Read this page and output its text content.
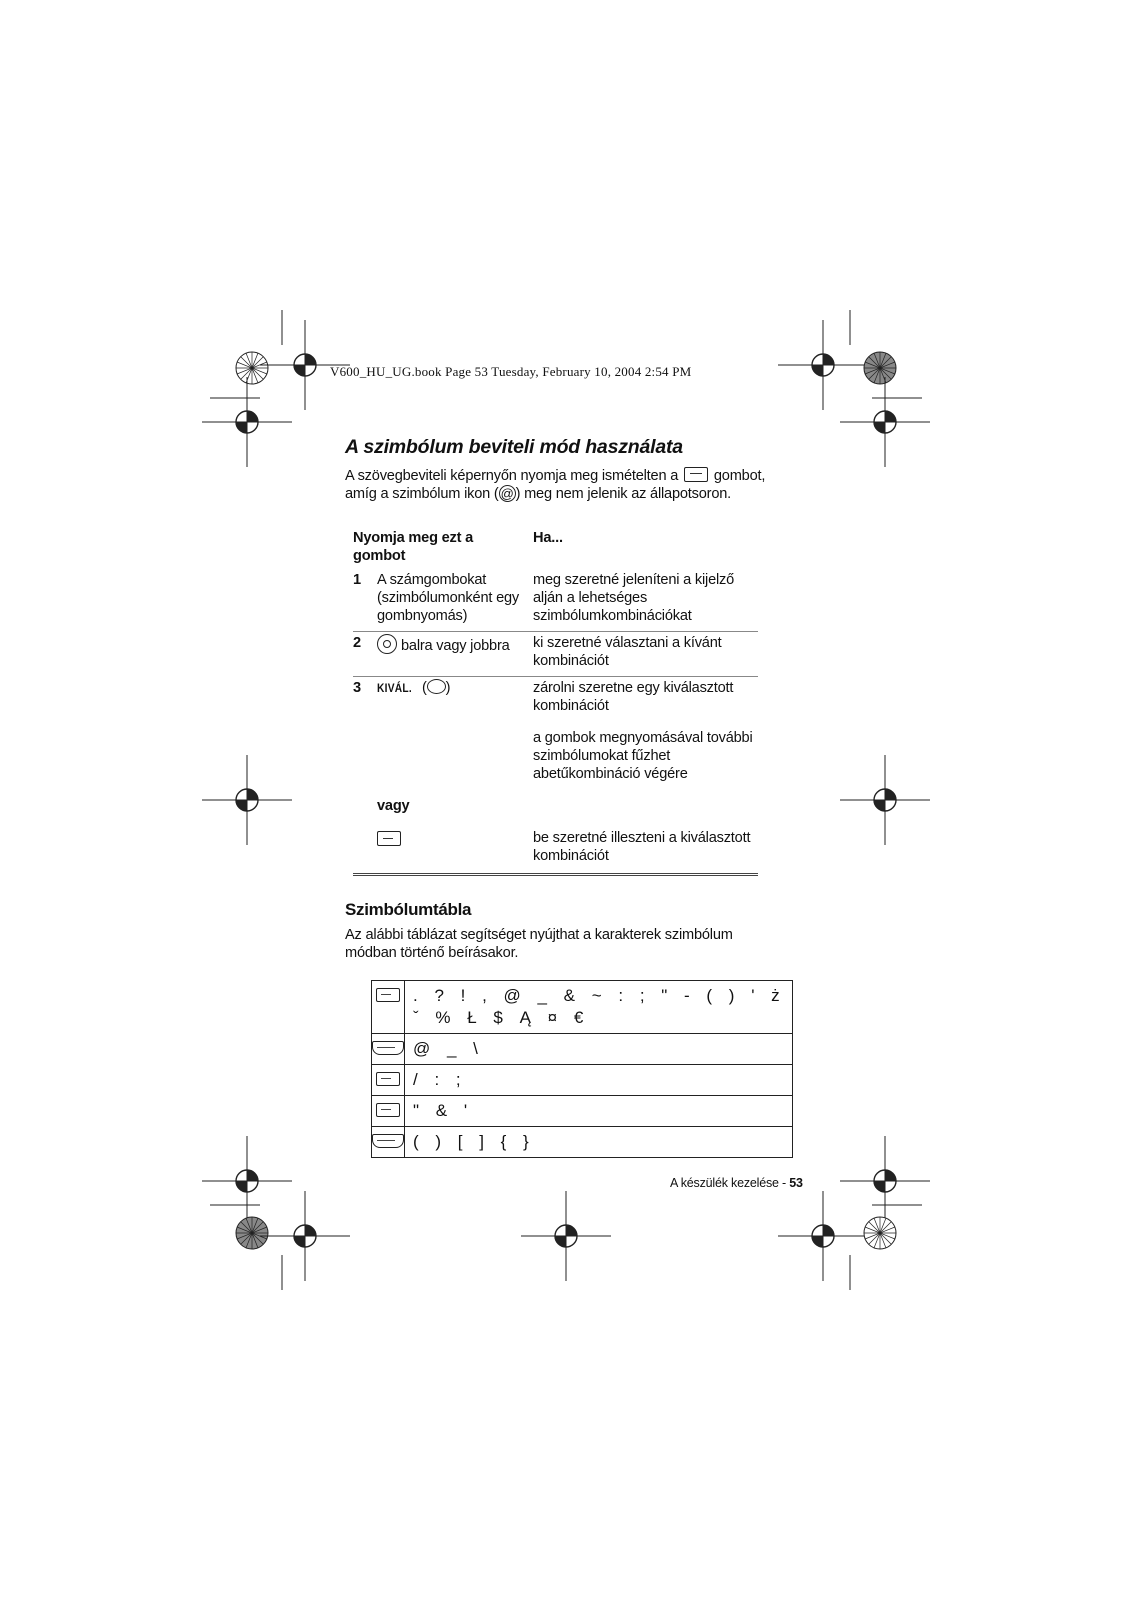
V600_HU_UG.book Page 53 Tuesday, February 10, 2004 2:54 PM
A szimbólum beviteli mód használata

A szövegbeviteli képernyőn nyomja meg ismételten a gombot,
amíg a szimbólum ikon ( @ ) meg nem jelenik az állapotsoron.

Nyomja meg ezt a gombot		Ha...
1	A számgombokat (szimbólumonként egy gombnyomás)	meg szeretné jeleníteni a kijelző alján a lehetséges szimbólumkombinációkat
2	balra vagy jobbra	ki szeretné választani a kívánt kombinációt
3	KIVÁL. ( )	zárolni szeretne egy kiválasztott kombinációt
		a gombok megnyomásával további szimbólumokat fűzhet abetűkombináció végére
	vagy	
		be szeretné illeszteni a kiválasztott kombinációt
Szimbólumtábla

Az alábbi táblázat segítséget nyújthat a karakterek szimbólum módban történő beírásakor.

	. ? ! , @ _ & ~ : ; " - ( ) ' ż
ˇ % Ł $ Ą ¤ €

	@ _ \

	/ : ;

	" & '

	( ) [ ] { }
A készülék kezelése - 53
